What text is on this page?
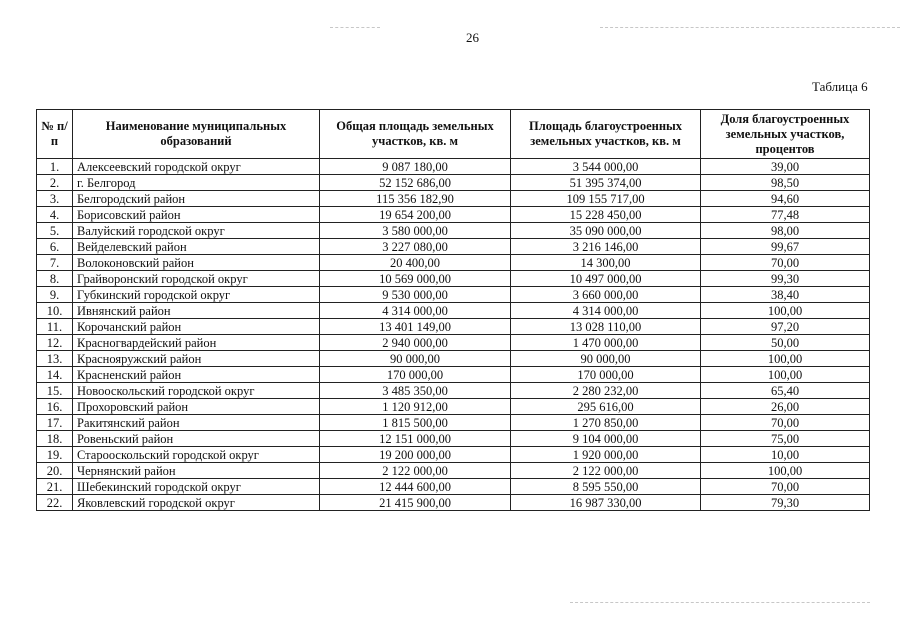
26
Таблица 6
№ п/п	Наименование муниципальных образований	Общая площадь земельных участков, кв. м	Площадь благоустроенных земельных участков, кв. м	Доля благоустроенных земельных участков, процентов
1.	Алексеевский городской округ	9 087 180,00	3 544 000,00	39,00
2.	г. Белгород	52 152 686,00	51 395 374,00	98,50
3.	Белгородский район	115 356 182,90	109 155 717,00	94,60
4.	Борисовский район	19 654 200,00	15 228 450,00	77,48
5.	Валуйский городской округ	3 580 000,00	35 090 000,00	98,00
6.	Вейделевский район	3 227 080,00	3 216 146,00	99,67
7.	Волоконовский район	20 400,00	14 300,00	70,00
8.	Грайворонский городской округ	10 569 000,00	10 497 000,00	99,30
9.	Губкинский городской округ	9 530 000,00	3 660 000,00	38,40
10.	Ивнянский район	4 314 000,00	4 314 000,00	100,00
11.	Корочанский район	13 401 149,00	13 028 110,00	97,20
12.	Красногвардейский район	2 940 000,00	1 470 000,00	50,00
13.	Краснояружский район	90 000,00	90 000,00	100,00
14.	Красненский район	170 000,00	170 000,00	100,00
15.	Новооскольский городской округ	3 485 350,00	2 280 232,00	65,40
16.	Прохоровский район	1 120 912,00	295 616,00	26,00
17.	Ракитянский район	1 815 500,00	1 270 850,00	70,00
18.	Ровеньский район	12 151 000,00	9 104 000,00	75,00
19.	Старооскольский городской округ	19 200 000,00	1 920 000,00	10,00
20.	Чернянский район	2 122 000,00	2 122 000,00	100,00
21.	Шебекинский городской округ	12 444 600,00	8 595 550,00	70,00
22.	Яковлевский городской округ	21 415 900,00	16 987 330,00	79,30
